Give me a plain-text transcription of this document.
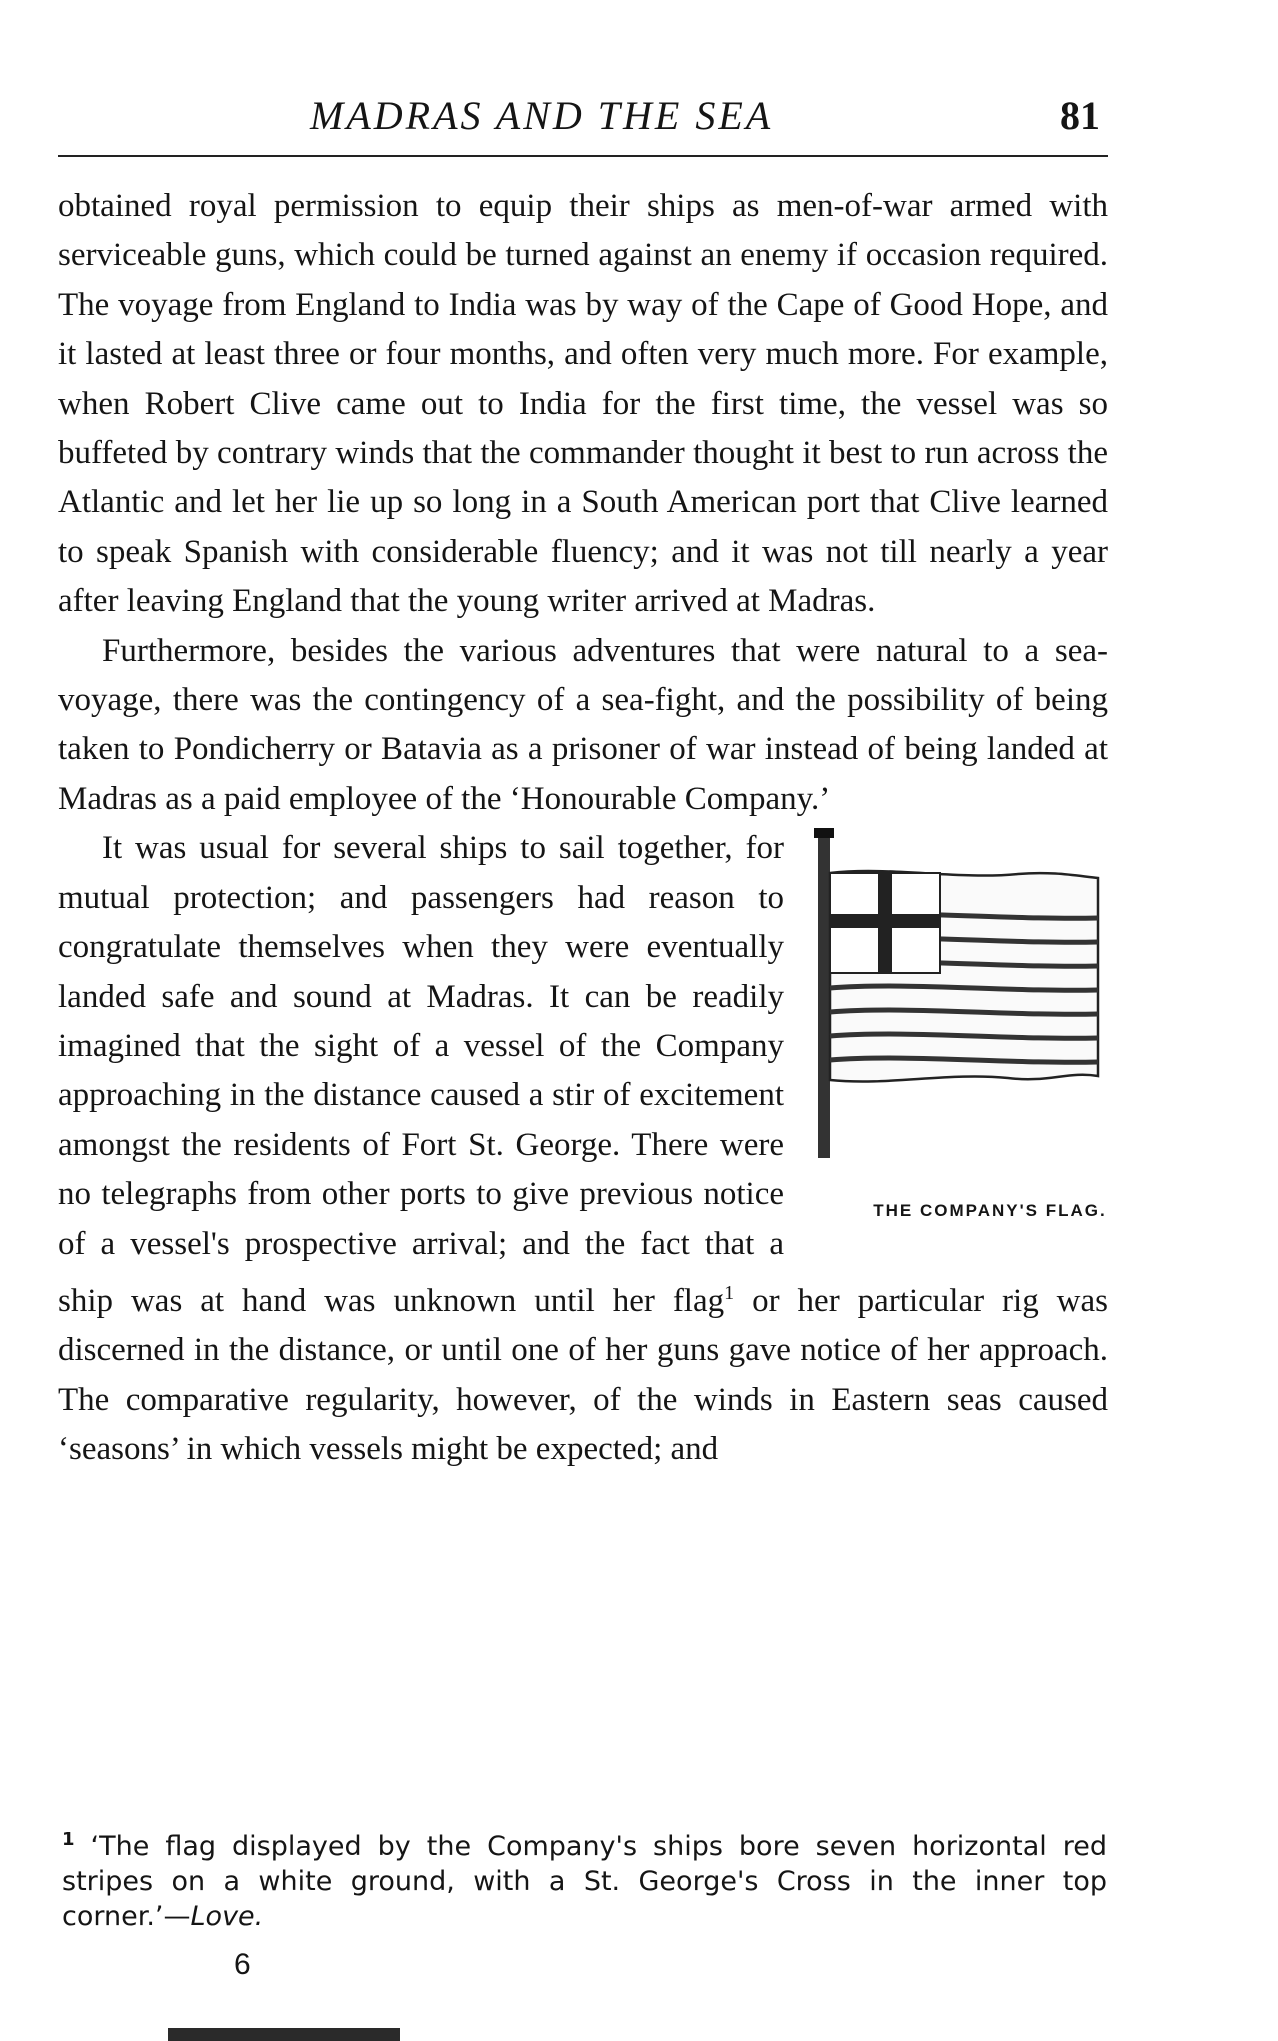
MADRAS AND THE SEA	81

obtained royal permission to equip their ships as men-of-war armed with serviceable guns, which could be turned against an enemy if occasion required. The voyage from England to India was by way of the Cape of Good Hope, and it lasted at least three or four months, and often very much more. For example, when Robert Clive came out to India for the first time, the vessel was so buffeted by contrary winds that the commander thought it best to run across the Atlantic and let her lie up so long in a South American port that Clive learned to speak Spanish with considerable fluency; and it was not till nearly a year after leaving England that the young writer arrived at Madras.

Furthermore, besides the various adventures that were natural to a sea-voyage, there was the contingency of a sea-fight, and the possibility of being taken to Pondicherry or Batavia as a prisoner of war instead of being landed at Madras as a paid employee of the ‘Honourable Company.’

THE COMPANY'S FLAG.
It was usual for several ships to sail together, for mutual protection; and passengers had reason to congratulate themselves when they were eventually landed safe and sound at Madras. It can be readily imagined that the sight of a vessel of the Company approaching in the distance caused a stir of excitement amongst the residents of Fort St. George. There were no telegraphs from other ports to give previous notice of a vessel's prospective arrival; and the fact that a ship was at hand was unknown until her flag$^1$ or her particular rig was discerned in the distance, or until one of her guns gave notice of her approach. The comparative regularity, however, of the winds in Eastern seas caused ‘seasons’ in which vessels might be expected; and

$^1$ ‘The flag displayed by the Company's ships bore seven horizontal red stripes on a white ground, with a St. George's Cross in the inner top corner.’—Love.
6
